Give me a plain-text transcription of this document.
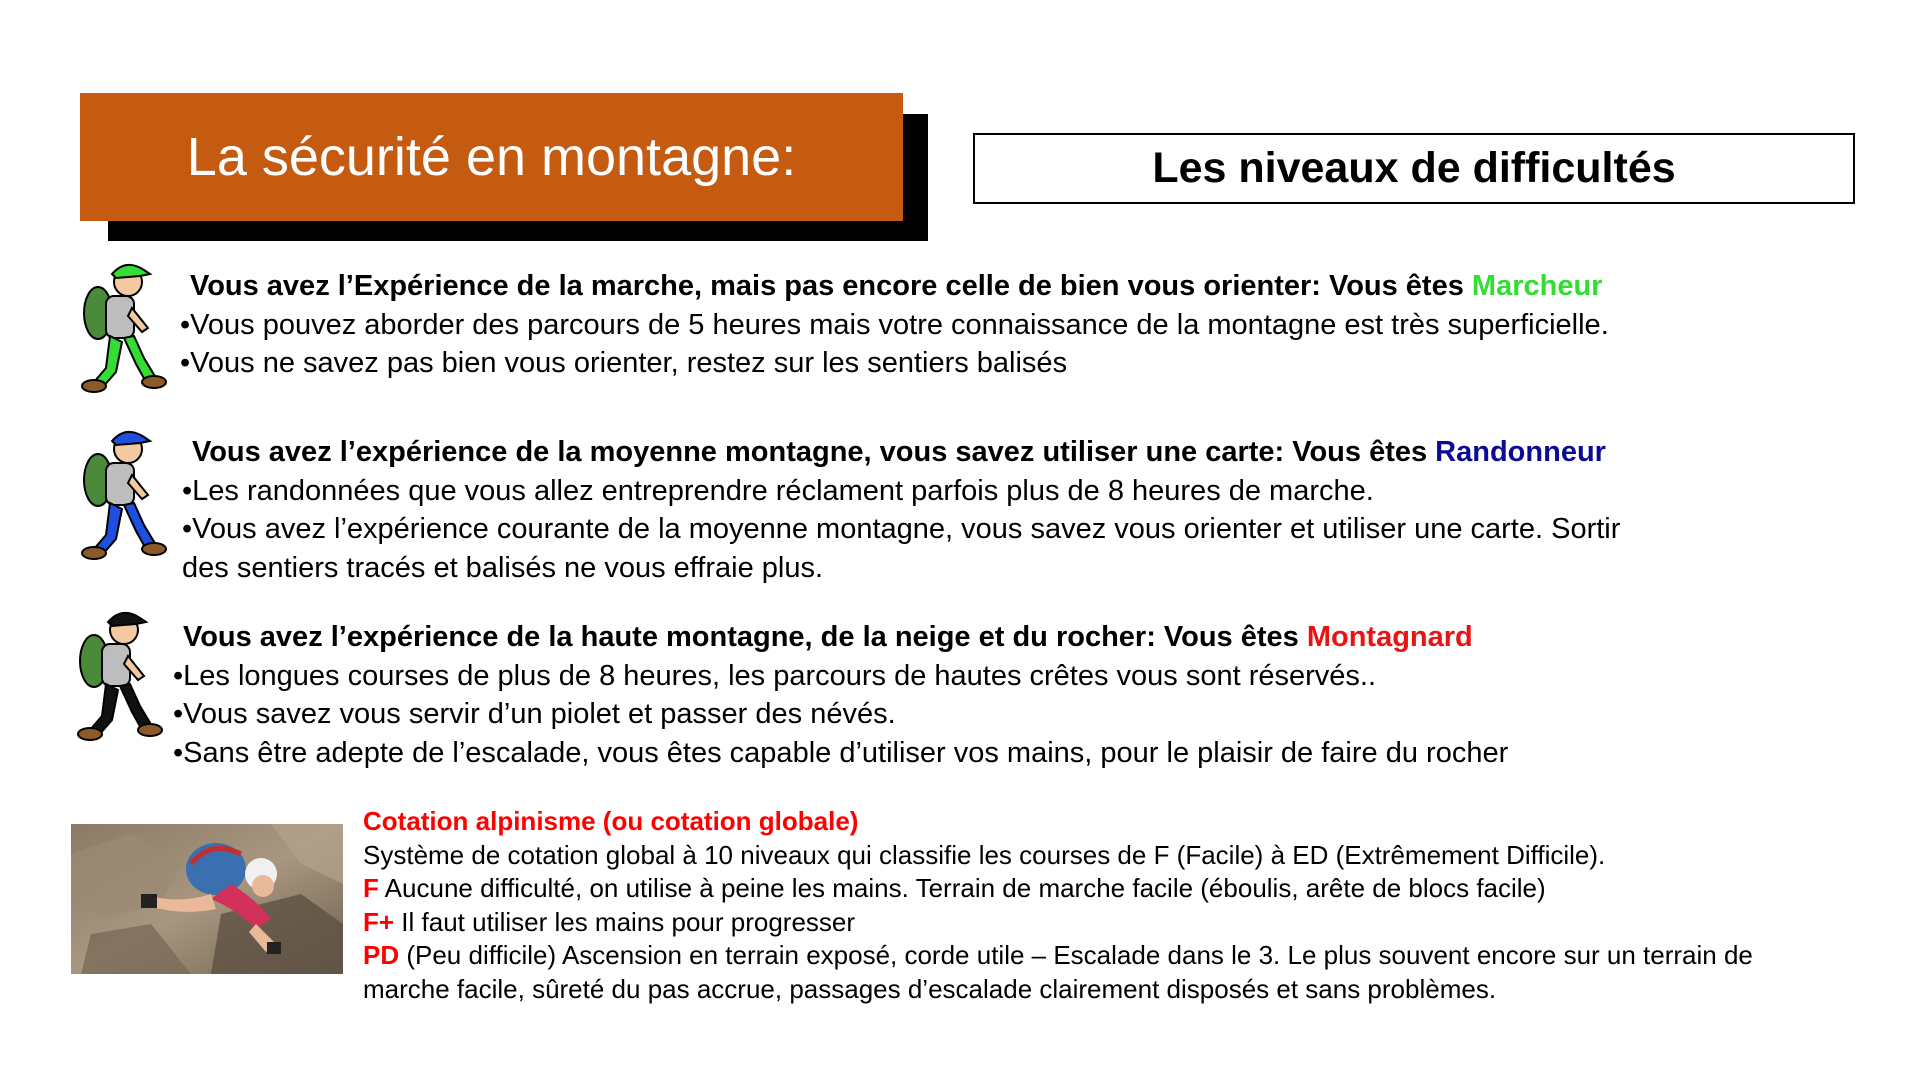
La sécurité en montagne:	Les niveaux de difficultés
Vous avez l’Expérience de la marche, mais pas encore celle de bien vous orienter: Vous êtes Marcheur
•Vous pouvez aborder des parcours de 5 heures mais votre connaissance de la montagne est très superficielle.
•Vous ne savez pas bien vous orienter, restez sur les sentiers balisés
Vous avez l’expérience de la moyenne montagne, vous savez utiliser une carte: Vous êtes Randonneur
•Les randonnées que vous allez entreprendre réclament parfois plus de 8 heures de marche.
•Vous avez l’expérience courante de la moyenne montagne, vous savez vous orienter et utiliser une carte. Sortir
des sentiers tracés et balisés ne vous effraie plus.
Vous avez l’expérience de la haute montagne, de la neige et du rocher: Vous êtes Montagnard
•Les longues courses de plus de 8 heures, les parcours de hautes crêtes vous sont réservés..
•Vous savez vous servir d’un piolet et passer des névés.
•Sans être adepte de l’escalade, vous êtes capable d’utiliser vos mains, pour le plaisir de faire du rocher
Cotation alpinisme (ou cotation globale)
Système de cotation global à 10 niveaux qui classifie les courses de F (Facile) à ED (Extrêmement Difficile).
F Aucune difficulté, on utilise à peine les mains. Terrain de marche facile (éboulis, arête de blocs facile)
F+ Il faut utiliser les mains pour progresser
PD (Peu difficile) Ascension en terrain exposé, corde utile – Escalade dans le 3. Le plus souvent encore sur un terrain de
marche facile, sûreté du pas accrue, passages d’escalade clairement disposés et sans problèmes.
